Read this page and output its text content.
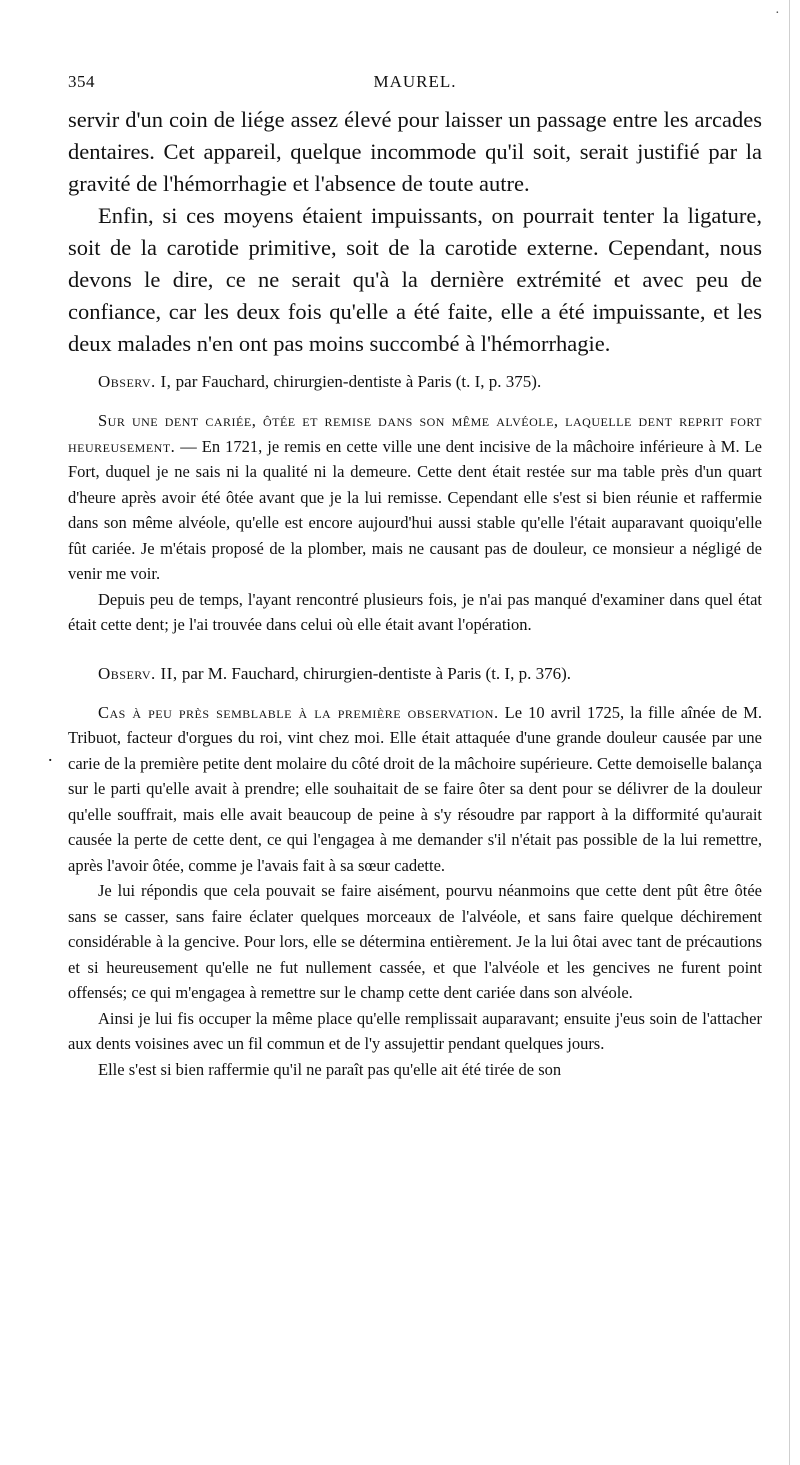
·
354	MAUREL.
.

servir d'un coin de liége assez élevé pour laisser un passage entre les arcades dentaires. Cet appareil, quelque incommode qu'il soit, serait justifié par la gravité de l'hémorrhagie et l'absence de toute autre.

Enfin, si ces moyens étaient impuissants, on pourrait tenter la ligature, soit de la carotide primitive, soit de la carotide externe. Cependant, nous devons le dire, ce ne serait qu'à la dernière extrémité et avec peu de confiance, car les deux fois qu'elle a été faite, elle a été impuissante, et les deux malades n'en ont pas moins succombé à l'hémorrhagie.

Observ. I, par Fauchard, chirurgien-dentiste à Paris (t. I, p. 375).

Sur une dent cariée, ôtée et remise dans son même alvéole, laquelle dent reprit fort heureusement. — En 1721, je remis en cette ville une dent incisive de la mâchoire inférieure à M. Le Fort, duquel je ne sais ni la qualité ni la demeure. Cette dent était restée sur ma table près d'un quart d'heure après avoir été ôtée avant que je la lui remisse. Cependant elle s'est si bien réunie et raffermie dans son même alvéole, qu'elle est encore aujourd'hui aussi stable qu'elle l'était auparavant quoiqu'elle fût cariée. Je m'étais proposé de la plomber, mais ne causant pas de douleur, ce monsieur a négligé de venir me voir.

Depuis peu de temps, l'ayant rencontré plusieurs fois, je n'ai pas manqué d'examiner dans quel état était cette dent; je l'ai trouvée dans celui où elle était avant l'opération.

Observ. II, par M. Fauchard, chirurgien-dentiste à Paris (t. I, p. 376).

Cas à peu près semblable à la première observation. Le 10 avril 1725, la fille aînée de M. Tribuot, facteur d'orgues du roi, vint chez moi. Elle était attaquée d'une grande douleur causée par une carie de la première petite dent molaire du côté droit de la mâchoire supérieure. Cette demoiselle balança sur le parti qu'elle avait à prendre; elle souhaitait de se faire ôter sa dent pour se délivrer de la douleur qu'elle souffrait, mais elle avait beaucoup de peine à s'y résoudre par rapport à la difformité qu'aurait causée la perte de cette dent, ce qui l'engagea à me demander s'il n'était pas possible de la lui remettre, après l'avoir ôtée, comme je l'avais fait à sa sœur cadette.

Je lui répondis que cela pouvait se faire aisément, pourvu néanmoins que cette dent pût être ôtée sans se casser, sans faire éclater quelques morceaux de l'alvéole, et sans faire quelque déchirement considérable à la gencive. Pour lors, elle se détermina entièrement. Je la lui ôtai avec tant de précautions et si heureusement qu'elle ne fut nullement cassée, et que l'alvéole et les gencives ne furent point offensés; ce qui m'engagea à remettre sur le champ cette dent cariée dans son alvéole.

Ainsi je lui fis occuper la même place qu'elle remplissait auparavant; ensuite j'eus soin de l'attacher aux dents voisines avec un fil commun et de l'y assujettir pendant quelques jours.

Elle s'est si bien raffermie qu'il ne paraît pas qu'elle ait été tirée de son
